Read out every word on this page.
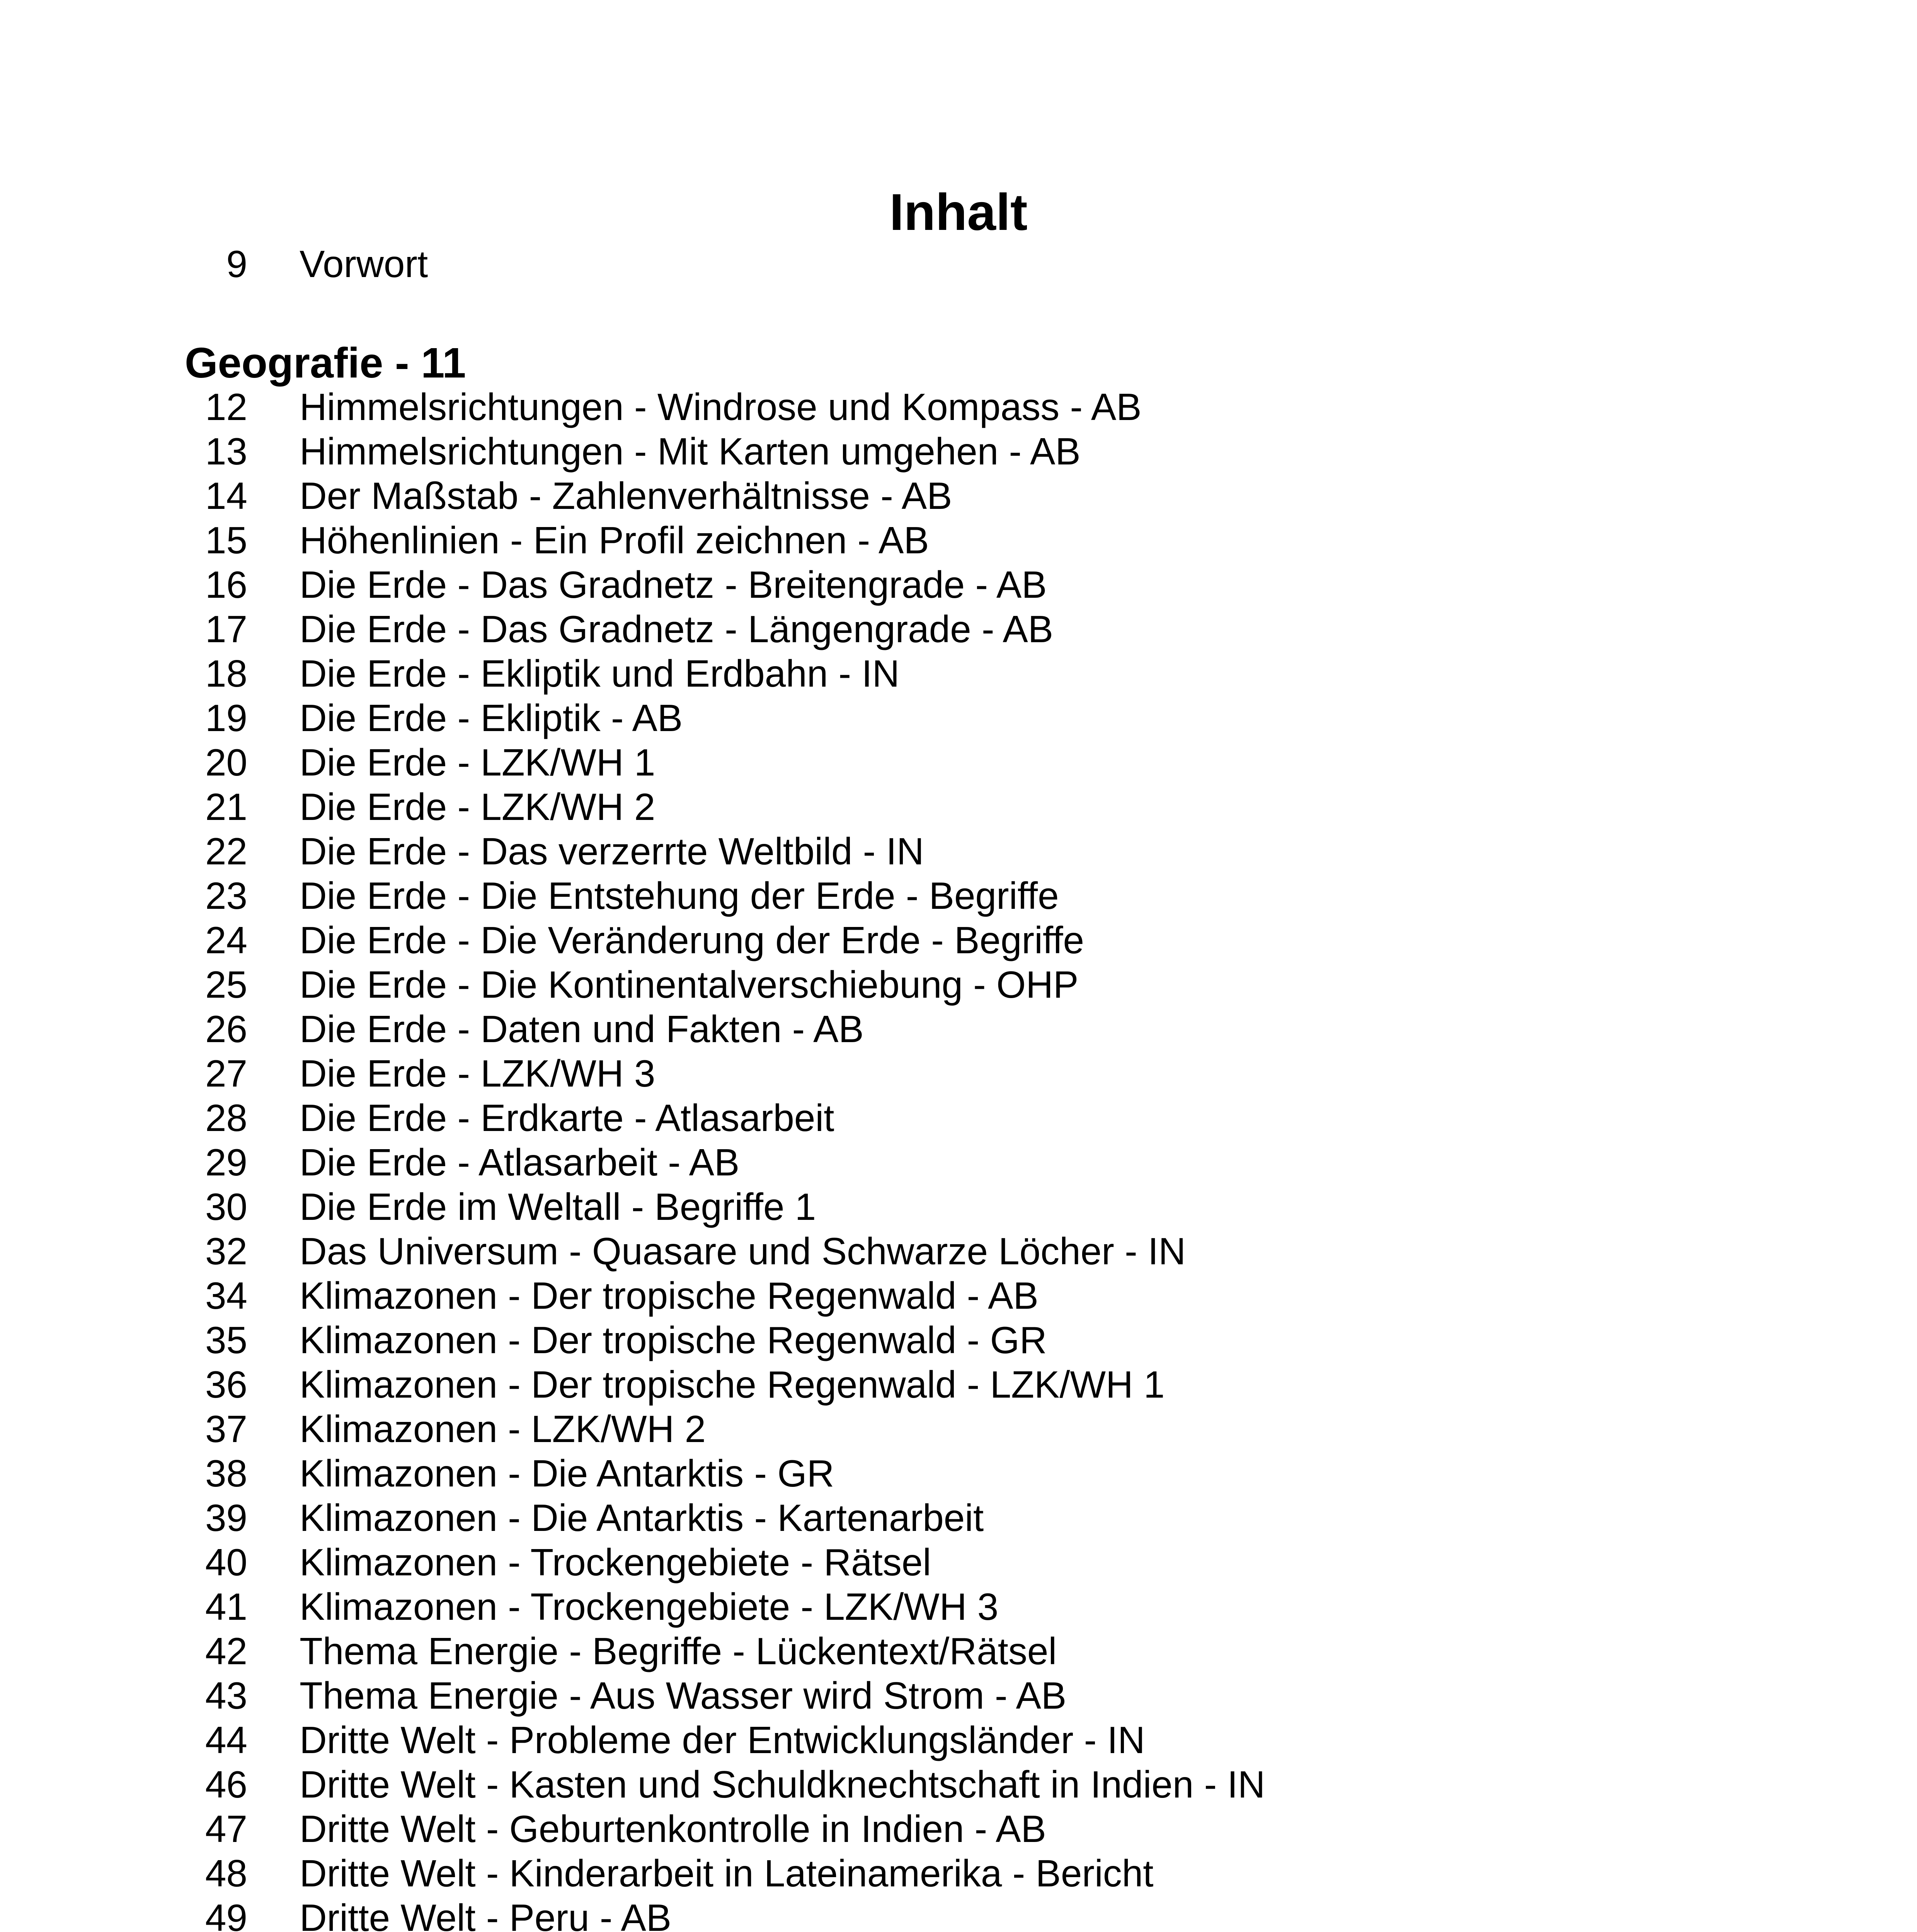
Inhalt
9 Vorwort
Geografie - 11
12 Himmelsrichtungen - Windrose und Kompass - AB
13 Himmelsrichtungen - Mit Karten umgehen - AB
14 Der Maßstab - Zahlenverhältnisse - AB
15 Höhenlinien - Ein Profil zeichnen - AB
16 Die Erde - Das Gradnetz - Breitengrade - AB
17 Die Erde - Das Gradnetz - Längengrade - AB
18 Die Erde - Ekliptik und Erdbahn - IN
19 Die Erde - Ekliptik - AB
20 Die Erde - LZK/WH 1
21 Die Erde - LZK/WH 2
22 Die Erde - Das verzerrte Weltbild - IN
23 Die Erde - Die Entstehung der Erde - Begriffe
24 Die Erde - Die Veränderung der Erde - Begriffe
25 Die Erde - Die Kontinentalverschiebung - OHP
26 Die Erde - Daten und Fakten - AB
27 Die Erde - LZK/WH 3
28 Die Erde - Erdkarte - Atlasarbeit
29 Die Erde - Atlasarbeit - AB
30 Die Erde im Weltall - Begriffe 1
32 Das Universum - Quasare und Schwarze Löcher - IN
34 Klimazonen - Der tropische Regenwald - AB
35 Klimazonen - Der tropische Regenwald - GR
36 Klimazonen - Der tropische Regenwald - LZK/WH 1
37 Klimazonen - LZK/WH 2
38 Klimazonen - Die Antarktis - GR
39 Klimazonen - Die Antarktis - Kartenarbeit
40 Klimazonen - Trockengebiete - Rätsel
41 Klimazonen - Trockengebiete - LZK/WH 3
42 Thema Energie - Begriffe - Lückentext/Rätsel
43 Thema Energie - Aus Wasser wird Strom - AB
44 Dritte Welt - Probleme der Entwicklungsländer - IN
46 Dritte Welt - Kasten und Schuldknechtschaft in Indien - IN
47 Dritte Welt - Geburtenkontrolle in Indien - AB
48 Dritte Welt - Kinderarbeit in Lateinamerika - Bericht
49 Dritte Welt - Peru - AB
